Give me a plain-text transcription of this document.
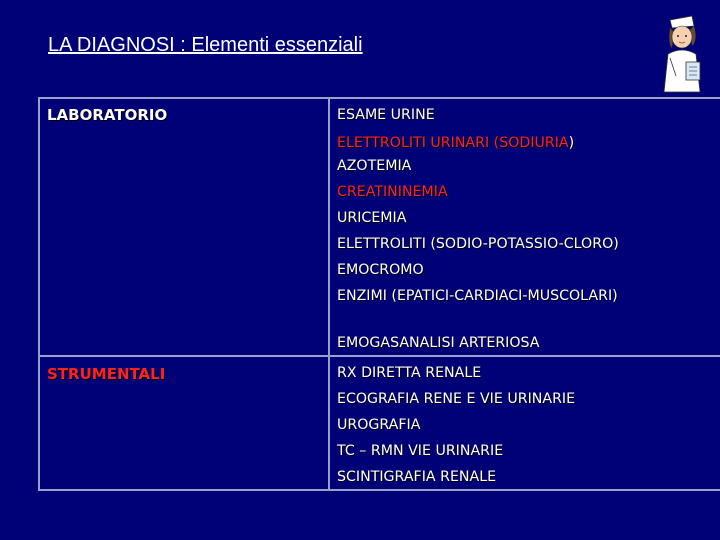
LA DIAGNOSI : Elementi essenziali
LABORATORIO
STRUMENTALI
ESAME URINE
ELETTROLITI URINARI (SODIURIA)
AZOTEMIA
CREATININEMIA
URICEMIA
ELETTROLITI (SODIO-POTASSIO-CLORO)
EMOCROMO
ENZIMI (EPATICI-CARDIACI-MUSCOLARI)
EMOGASANALISI ARTERIOSA
RX DIRETTA RENALE
ECOGRAFIA RENE E VIE URINARIE
UROGRAFIA
TC – RMN VIE URINARIE
SCINTIGRAFIA RENALE
